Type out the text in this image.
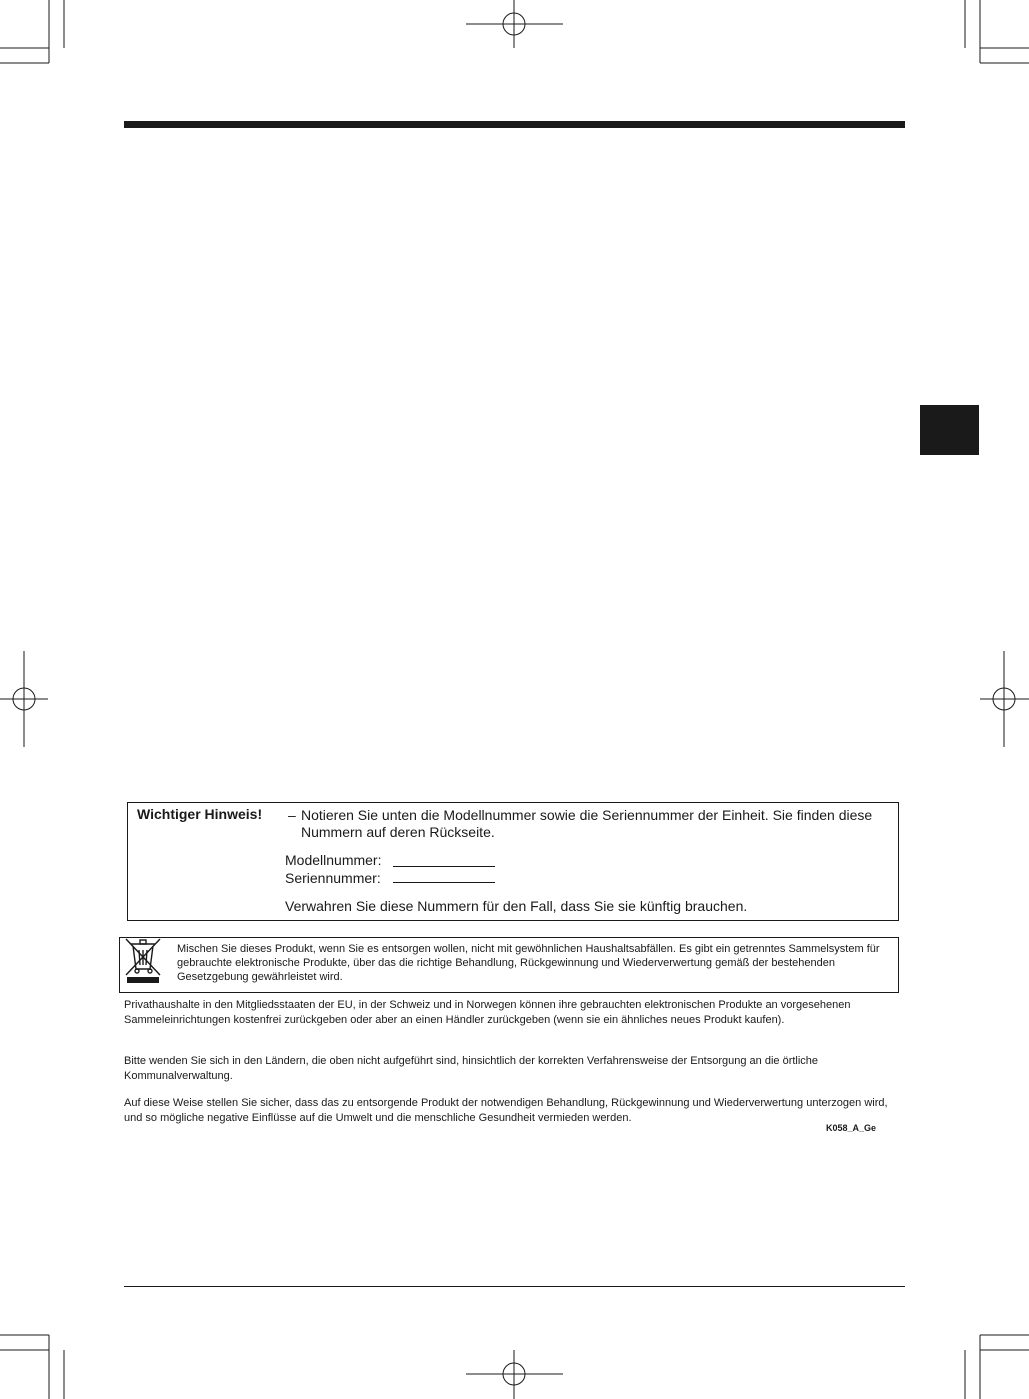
Wichtiger Hinweis! – Notieren Sie unten die Modellnummer sowie die Seriennummer der Einheit. Sie finden diese Nummern auf deren Rückseite.
Modellnummer:
Seriennummer:
Verwahren Sie diese Nummern für den Fall, dass Sie sie künftig brauchen.
Mischen Sie dieses Produkt, wenn Sie es entsorgen wollen, nicht mit gewöhnlichen Haushaltsabfällen. Es gibt ein getrenntes Sammelsystem für gebrauchte elektronische Produkte, über das die richtige Behandlung, Rückgewinnung und Wiederverwertung gemäß der bestehenden Gesetzgebung gewährleistet wird.
Privathaushalte in den Mitgliedsstaaten der EU, in der Schweiz und in Norwegen können ihre gebrauchten elektronischen Produkte an vorgesehenen Sammeleinrichtungen kostenfrei zurückgeben oder aber an einen Händler zurückgeben (wenn sie ein ähnliches neues Produkt kaufen).
Bitte wenden Sie sich in den Ländern, die oben nicht aufgeführt sind, hinsichtlich der korrekten Verfahrensweise der Entsorgung an die örtliche Kommunalverwaltung.
Auf diese Weise stellen Sie sicher, dass das zu entsorgende Produkt der notwendigen Behandlung, Rückgewinnung und Wiederverwertung unterzogen wird, und so mögliche negative Einflüsse auf die Umwelt und die menschliche Gesundheit vermieden werden.
K058_A_Ge
